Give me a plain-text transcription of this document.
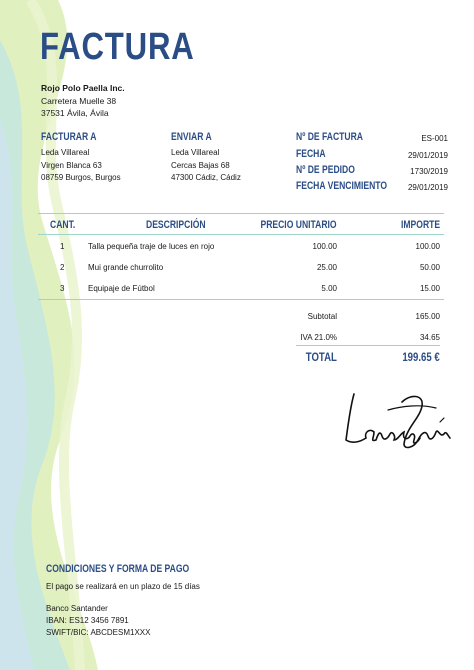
FACTURA
Rojo Polo Paella Inc.
Carretera Muelle 38
37531 Ávila, Ávila
FACTURAR A
Leda Villareal
Virgen Blanca 63
08759 Burgos, Burgos
ENVIAR A
Leda Villareal
Cercas Bajas 68
47300 Cádiz, Cádiz
Nº DE FACTURA	ES-001
FECHA	29/01/2019
Nº DE PEDIDO	1730/2019
FECHA VENCIMIENTO	29/01/2019
CANT.	DESCRIPCIÓN	PRECIO UNITARIO	IMPORTE
1	Talla pequeña traje de luces en rojo	100.00	100.00
2	Mui grande churrolito	25.00	50.00
3	Equipaje de Fútbol	5.00	15.00
Subtotal	165.00
IVA 21.0%	34.65
TOTAL	199.65 €
CONDICIONES Y FORMA DE PAGO
El pago se realizará en un plazo de 15 días
Banco Santander
IBAN: ES12 3456 7891
SWIFT/BIC: ABCDESM1XXX
